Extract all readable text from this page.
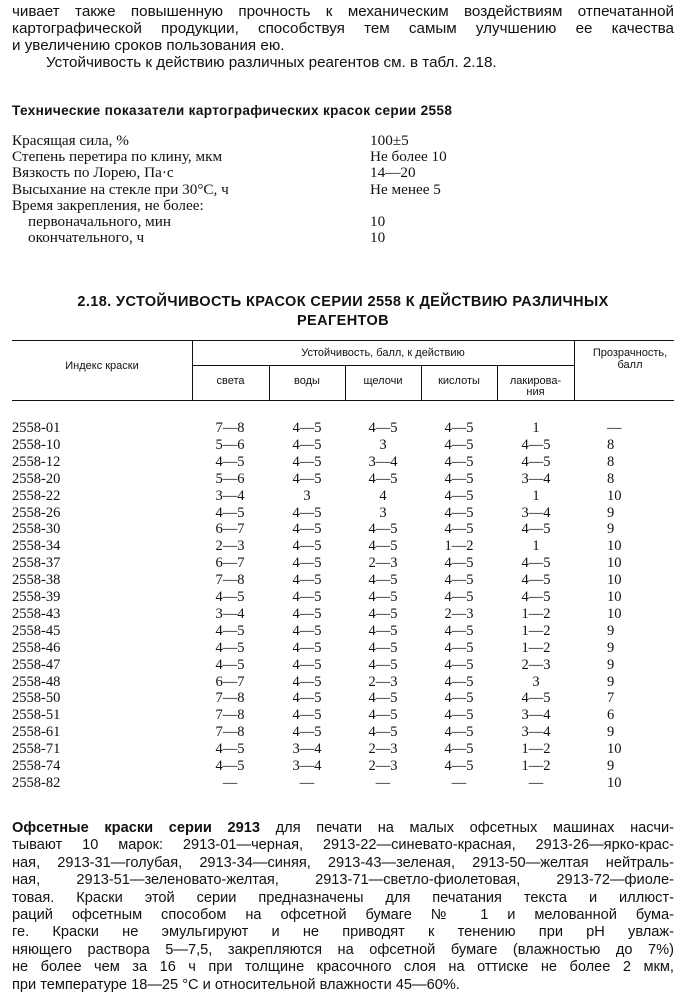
чивает также повышенную прочность к механическим воздействиям отпечатанной
картографической продукции, способствуя тем самым улучшению ее качества
и увеличению сроков пользования ею.
Устойчивость к действию различных реагентов см. в табл. 2.18.
Технические показатели картографических красок серии 2558
Красящая сила, %	100±5
Степень перетира по клину, мкм	Не более 10
Вязкость по Лорею, Па·с	14—20
Высыхание на стекле при 30°С, ч	Не менее 5
Время закрепления, не более:
первоначального, мин	10
окончательного, ч	10
2.18. УСТОЙЧИВОСТЬ КРАСОК СЕРИИ 2558 К ДЕЙСТВИЮ РАЗЛИЧНЫХ
РЕАГЕНТОВ
Индекс краски
Устойчивость, балл, к действию	Прозрачность,
балл
света	воды	щелочи	кислоты	лакирова-
ния
2558-01	7—8	4—5	4—5	4—5	1	—
2558-10	5—6	4—5	3	4—5	4—5	8
2558-12	4—5	4—5	3—4	4—5	4—5	8
2558-20	5—6	4—5	4—5	4—5	3—4	8
2558-22	3—4	3	4	4—5	1	10
2558-26	4—5	4—5	3	4—5	3—4	9
2558-30	6—7	4—5	4—5	4—5	4—5	9
2558-34	2—3	4—5	4—5	1—2	1	10
2558-37	6—7	4—5	2—3	4—5	4—5	10
2558-38	7—8	4—5	4—5	4—5	4—5	10
2558-39	4—5	4—5	4—5	4—5	4—5	10
2558-43	3—4	4—5	4—5	2—3	1—2	10
2558-45	4—5	4—5	4—5	4—5	1—2	9
2558-46	4—5	4—5	4—5	4—5	1—2	9
2558-47	4—5	4—5	4—5	4—5	2—3	9
2558-48	6—7	4—5	2—3	4—5	3	9
2558-50	7—8	4—5	4—5	4—5	4—5	7
2558-51	7—8	4—5	4—5	4—5	3—4	6
2558-61	7—8	4—5	4—5	4—5	3—4	9
2558-71	4—5	3—4	2—3	4—5	1—2	10
2558-74	4—5	3—4	2—3	4—5	1—2	9
2558-82	—	—	—	—	—	10
Офсетные краски серии 2913 для печати на малых офсетных машинах насчи-
тывают 10 марок: 2913-01—черная, 2913-22—синевато-красная, 2913-26—ярко-крас-
ная, 2913-31—голубая, 2913-34—синяя, 2913-43—зеленая, 2913-50—желтая нейтраль-
ная, 2913-51—зеленовато-желтая, 2913-71—светло-фиолетовая, 2913-72—фиолe-
товая. Краски этой серии предназначены для печатания текста и иллюст-
раций офсетным способом на офсетной бумаге № 1 и мелованной бума-
ге. Краски не эмульгируют и не приводят к тенению при pH увлаж-
няющего раствора 5—7,5, закрепляются на офсетной бумаге (влажностью до 7%)
не более чем за 16 ч при толщине красочного слоя на оттиске не более 2 мкм,
при температуре 18—25 °С и относительной влажности 45—60%.
